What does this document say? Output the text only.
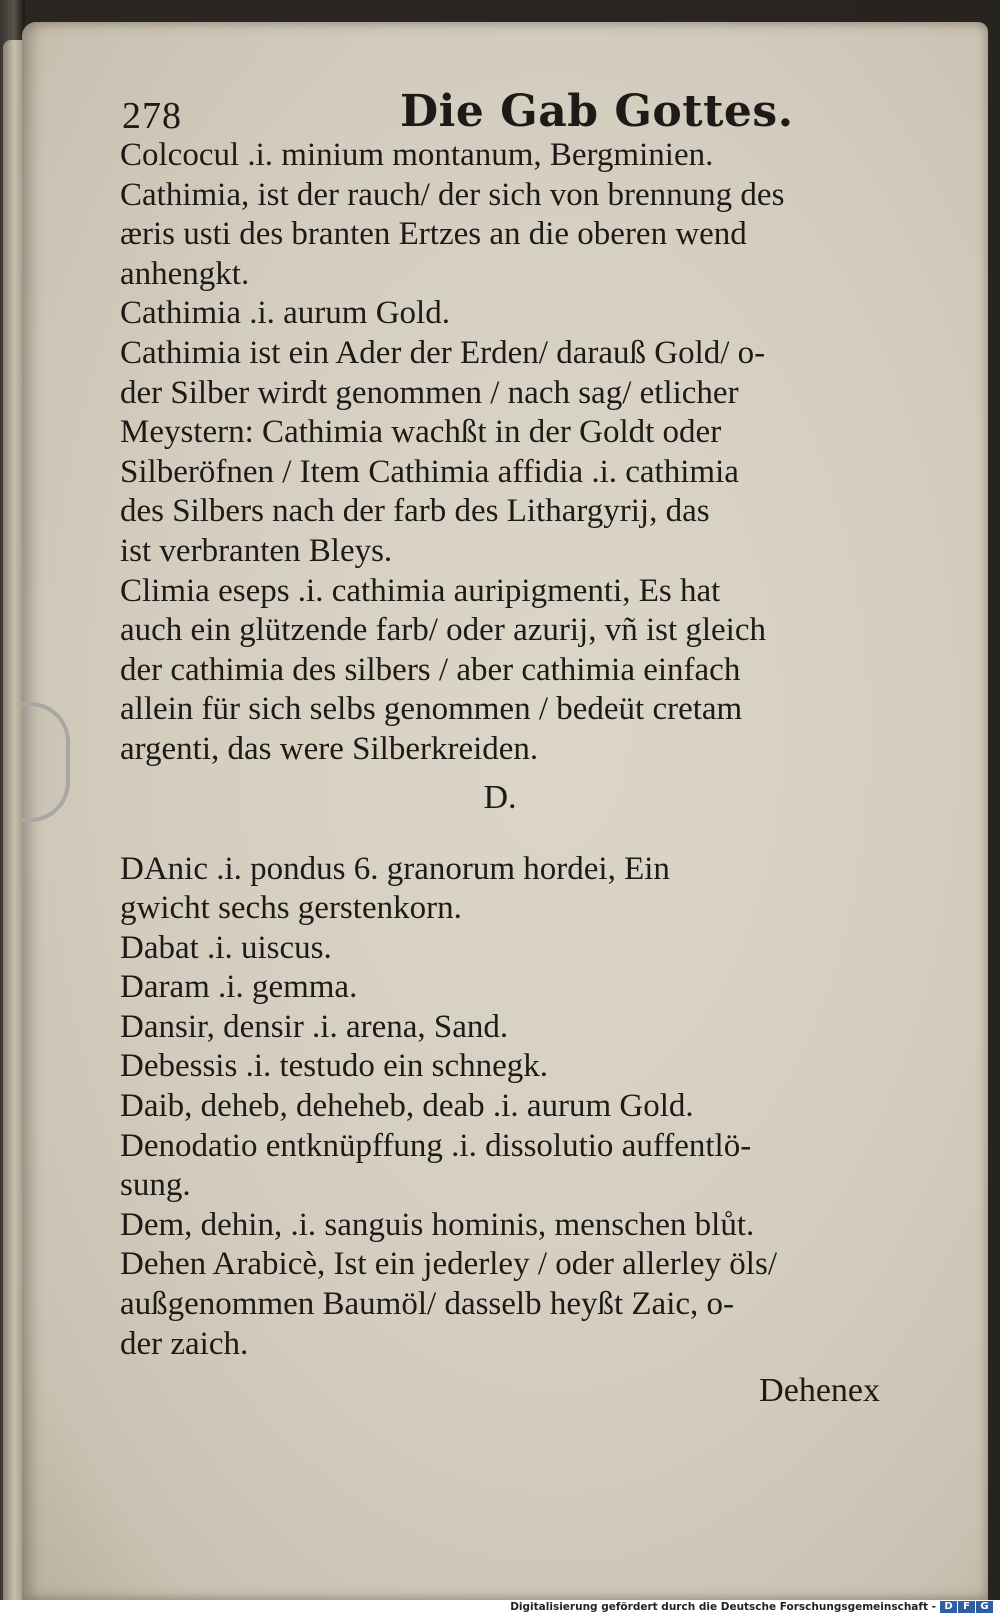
278	Die Gab Gottes.
Colcocul .i. minium montanum, Bergminien.
Cathimia, ist der rauch/ der sich von brennung des
æris usti des branten Ertzes an die oberen wend
anhengkt.
Cathimia .i. aurum Gold.
Cathimia ist ein Ader der Erden/ darauß Gold/ o-
der Silber wirdt genommen / nach sag/ etlicher
Meystern: Cathimia wachßt in der Goldt oder
Silberöfnen / Item Cathimia affidia .i. cathimia
des Silbers nach der farb des Lithargyrij, das
ist verbranten Bleys.
Climia eseps .i. cathimia auripigmenti, Es hat
auch ein glützende farb/ oder azurij, vñ ist gleich
der cathimia des silbers / aber cathimia einfach
allein für sich selbs genommen / bedeüt cretam
argenti, das were Silberkreiden.
D.
DAnic .i. pondus 6. granorum hordei, Ein
gwicht sechs gerstenkorn.
Dabat .i. uiscus.
Daram .i. gemma.
Dansir, densir .i. arena, Sand.
Debessis .i. testudo ein schnegk.
Daib, deheb, deheheb, deab .i. aurum Gold.
Denodatio entknüpffung .i. dissolutio auffentlö-
sung.
Dem, dehin, .i. sanguis hominis, menschen blůt.
Dehen Arabicè, Ist ein jederley / oder allerley öls/
außgenommen Baumöl/ dasselb heyßt Zaic, o-
der zaich.
Dehenex
Digitalisierung gefördert durch die Deutsche Forschungsgemeinschaft - D	F	G
